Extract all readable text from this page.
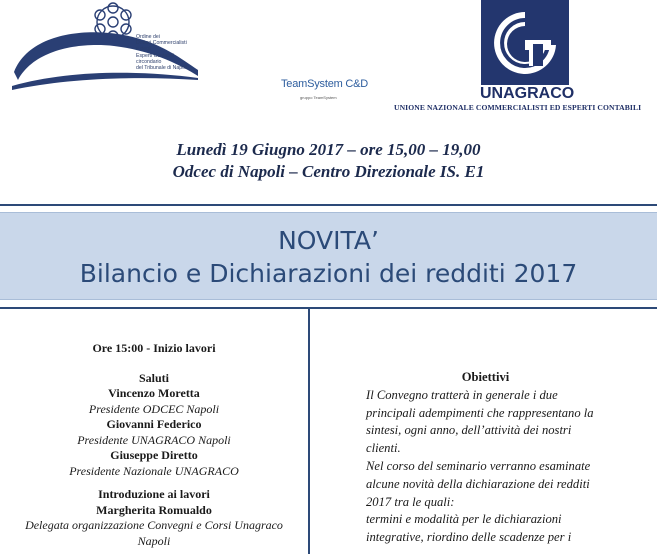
Ordine dei
Dottori Commercialisti
e degli
Esperti Contabili
circondario
del Tribunale di Napoli
TeamSystem C&D
gruppo TeamSystem	UNAGRACO
UNIONE NAZIONALE COMMERCIALISTI ED ESPERTI CONTABILI
Lunedì 19 Giugno 2017 – ore 15,00 – 19,00
Odcec di Napoli – Centro Direzionale IS. E1
NOVITA’
Bilancio e Dichiarazioni dei redditi 2017
Ore 15:00 - Inizio lavori
Saluti
Vincenzo Moretta
Presidente ODCEC Napoli
Giovanni Federico
Presidente UNAGRACO Napoli
Giuseppe Diretto
Presidente Nazionale UNAGRACO
Introduzione ai lavori
Margherita Romualdo
Delegata organizzazione Convegni e Corsi Unagraco
Napoli
Obiettivi
Il Convegno tratterà in generale i due
principali adempimenti che rappresentano la
sintesi, ogni anno, dell’attività dei nostri
clienti.
Nel corso del seminario verranno esaminate
alcune novità della dichiarazione dei redditi
2017 tra le quali:
termini e modalità per le dichiarazioni
integrative, riordino delle scadenze per i
